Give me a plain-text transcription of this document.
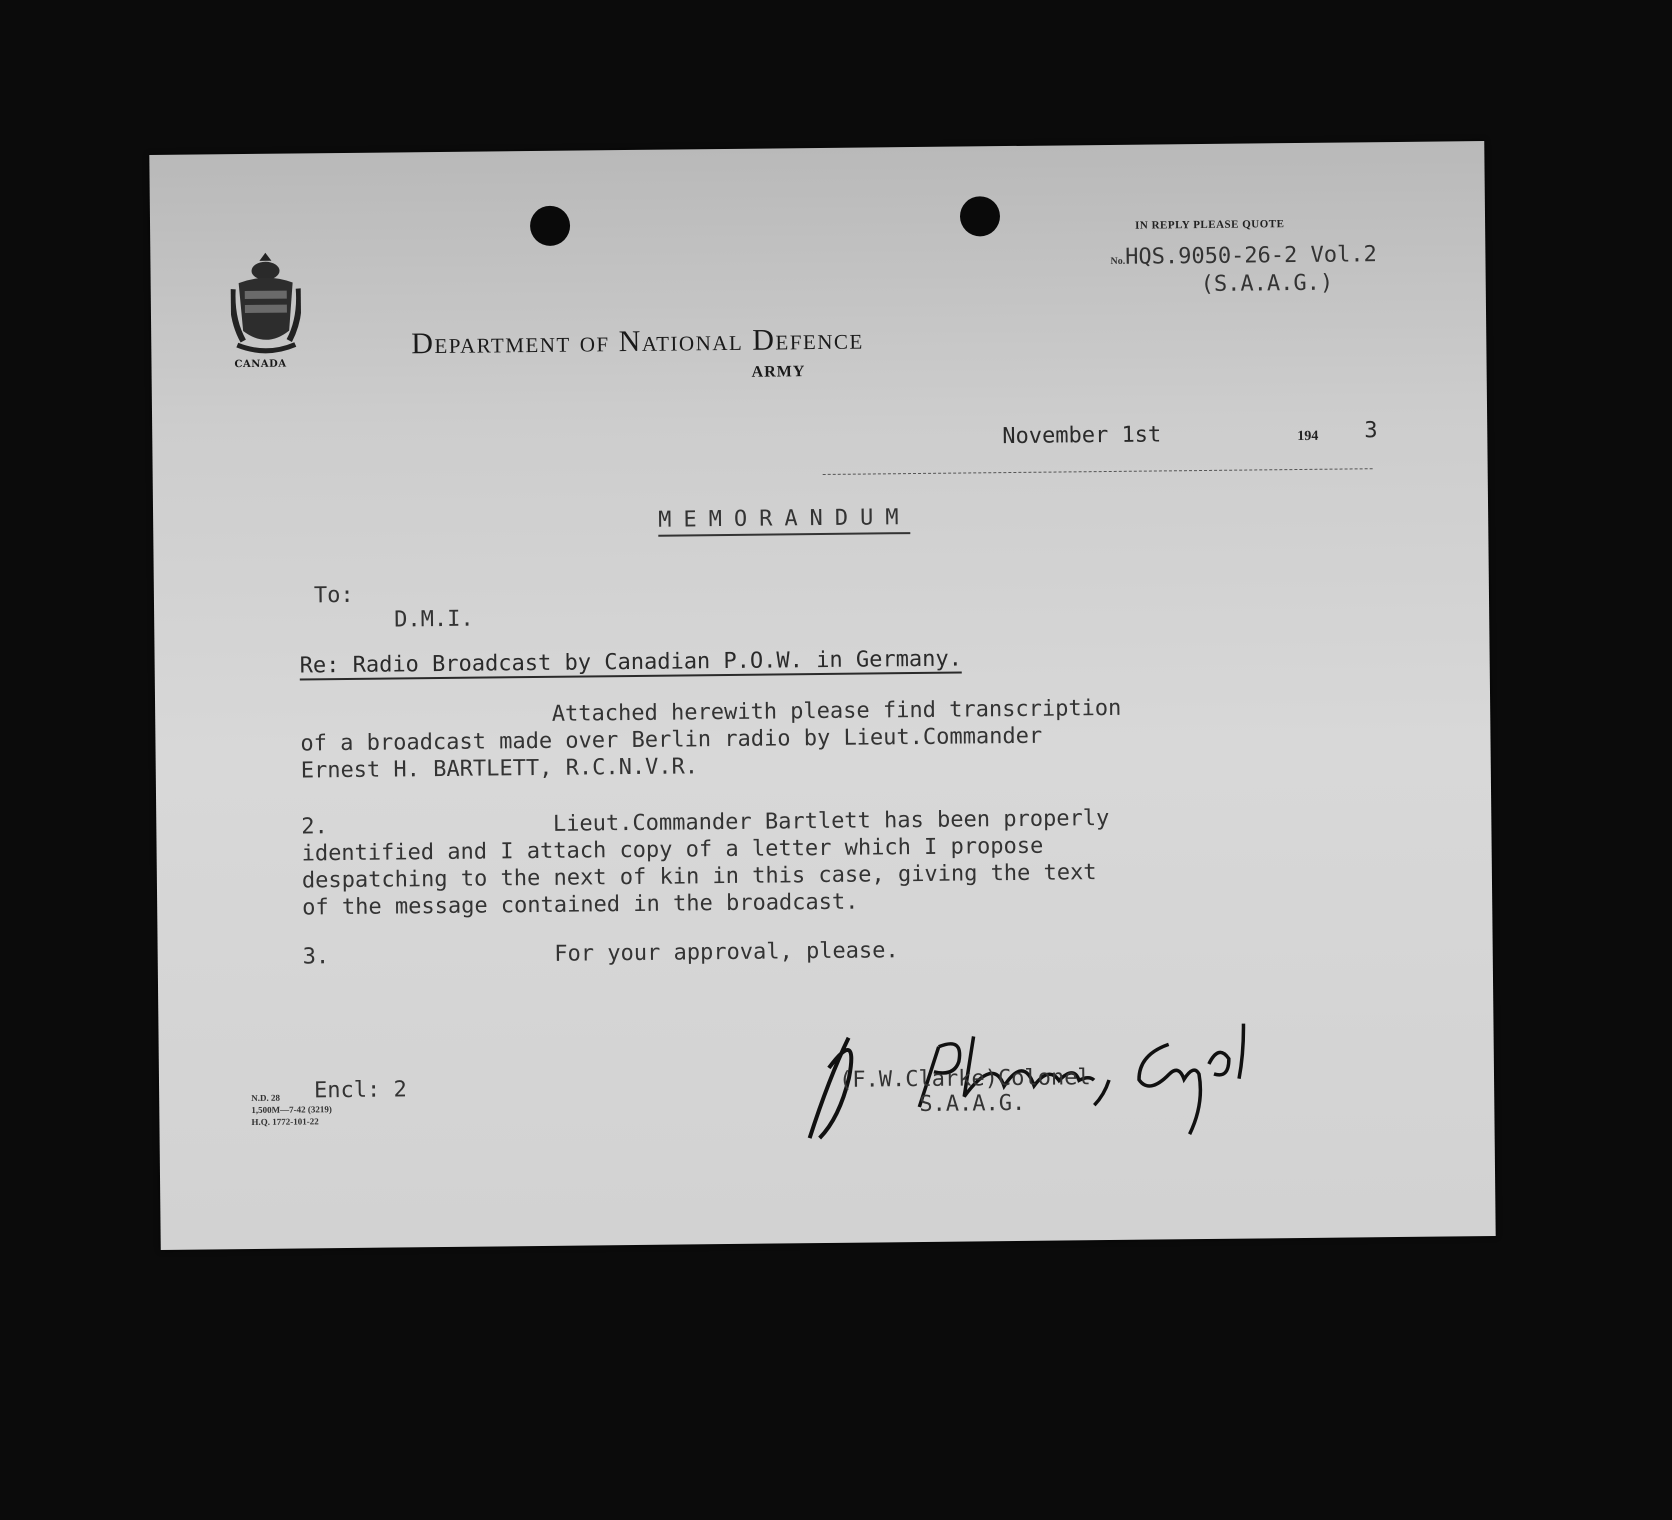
CANADA
Department of National Defence
ARMY
IN REPLY PLEASE QUOTE
No.HQS.9050-26-2 Vol.2
(S.A.A.G.)
November 1st	194 3
MEMORANDUM
To:
D.M.I.
Re: Radio Broadcast by Canadian P.O.W. in Germany.
Attached herewith please find transcription
of a broadcast made over Berlin radio by Lieut.Commander
Ernest H. BARTLETT, R.C.N.V.R.
2.                 Lieut.Commander Bartlett has been properly
identified and I attach copy of a letter which I propose
despatching to the next of kin in this case, giving the text
of the message contained in the broadcast.
3.                 For your approval, please.
(F.W.Clarke)Colonel
S.A.A.G.
Encl: 2
N.D. 28
1,500M—7-42 (3219)
H.Q. 1772-101-22
